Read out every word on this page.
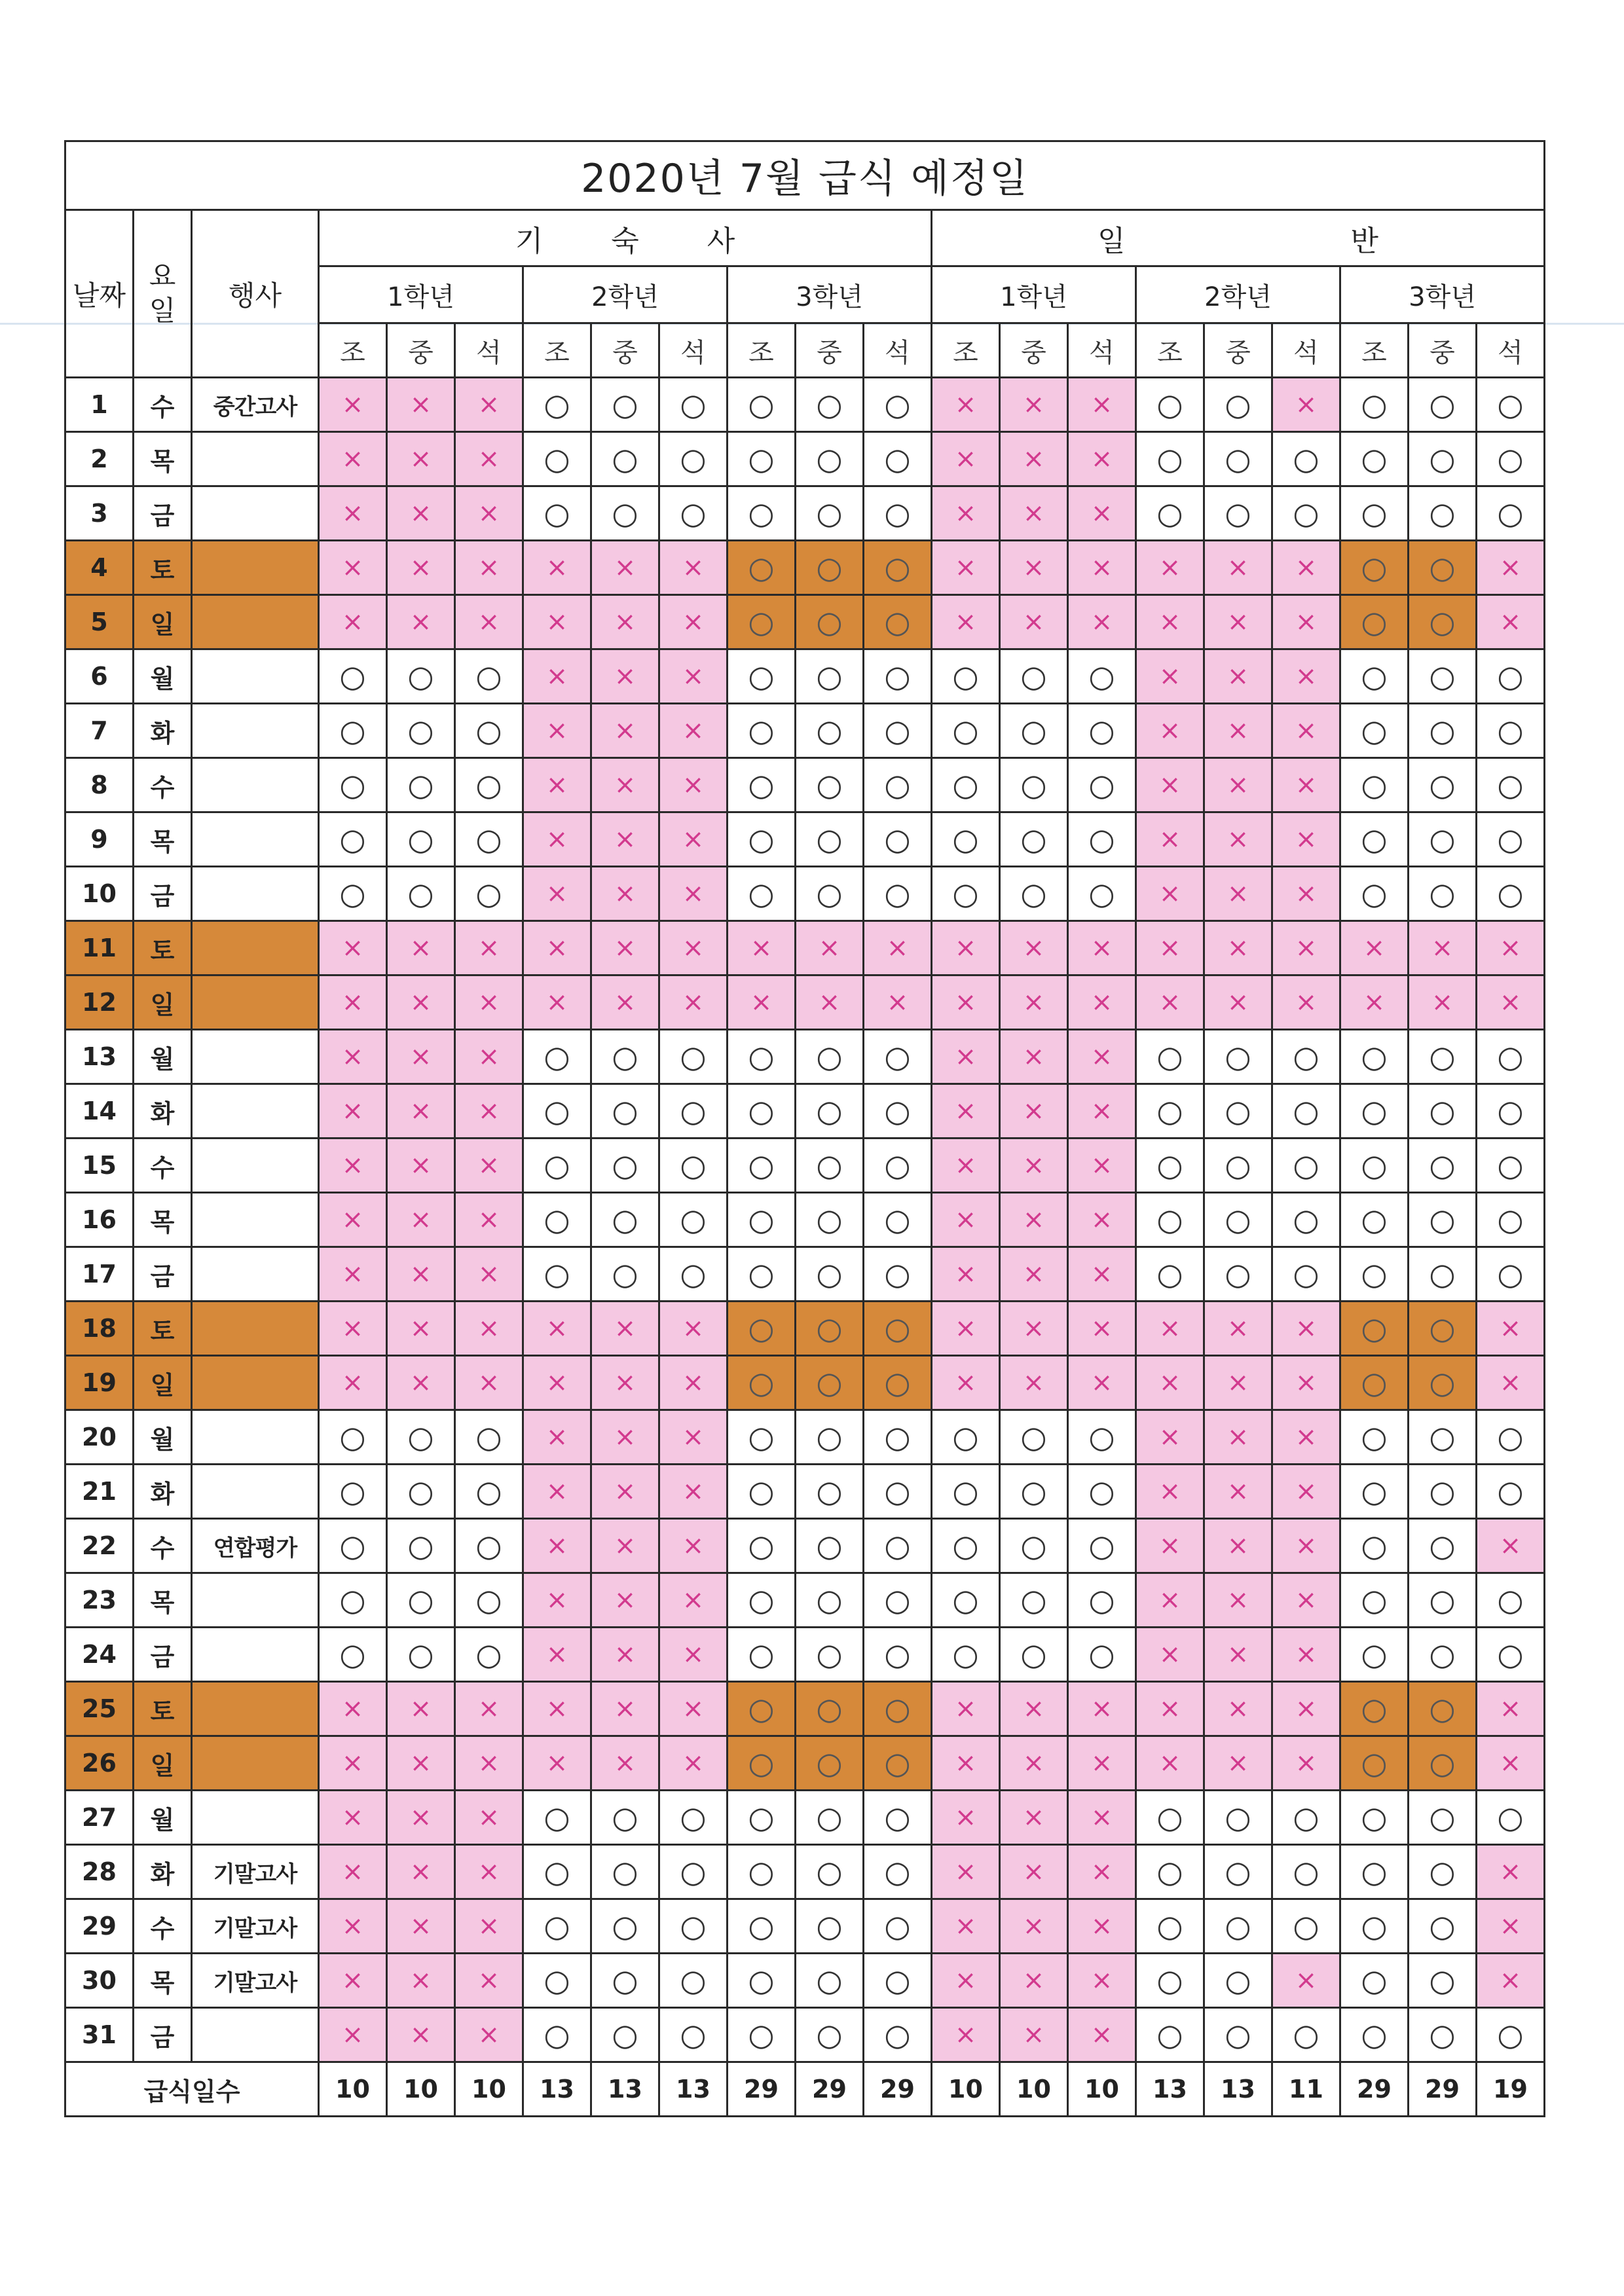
2020년 7월 급식 예정일																				
날짜	요일	행사	기 숙 사									일 반								
			1학년			2학년			3학년			1학년			2학년			3학년		
			조	중	석	조	중	석	조	중	석	조	중	석	조	중	석	조	중	석
1	수	중간고사	×	×	×	○	○	○	○	○	○	×	×	×	○	○	×	○	○	○
2	목		×	×	×	○	○	○	○	○	○	×	×	×	○	○	○	○	○	○
3	금		×	×	×	○	○	○	○	○	○	×	×	×	○	○	○	○	○	○
4	토		×	×	×	×	×	×	○	○	○	×	×	×	×	×	×	○	○	×
5	일		×	×	×	×	×	×	○	○	○	×	×	×	×	×	×	○	○	×
6	월		○	○	○	×	×	×	○	○	○	○	○	○	×	×	×	○	○	○
7	화		○	○	○	×	×	×	○	○	○	○	○	○	×	×	×	○	○	○
8	수		○	○	○	×	×	×	○	○	○	○	○	○	×	×	×	○	○	○
9	목		○	○	○	×	×	×	○	○	○	○	○	○	×	×	×	○	○	○
10	금		○	○	○	×	×	×	○	○	○	○	○	○	×	×	×	○	○	○
11	토		×	×	×	×	×	×	×	×	×	×	×	×	×	×	×	×	×	×
12	일		×	×	×	×	×	×	×	×	×	×	×	×	×	×	×	×	×	×
13	월		×	×	×	○	○	○	○	○	○	×	×	×	○	○	○	○	○	○
14	화		×	×	×	○	○	○	○	○	○	×	×	×	○	○	○	○	○	○
15	수		×	×	×	○	○	○	○	○	○	×	×	×	○	○	○	○	○	○
16	목		×	×	×	○	○	○	○	○	○	×	×	×	○	○	○	○	○	○
17	금		×	×	×	○	○	○	○	○	○	×	×	×	○	○	○	○	○	○
18	토		×	×	×	×	×	×	○	○	○	×	×	×	×	×	×	○	○	×
19	일		×	×	×	×	×	×	○	○	○	×	×	×	×	×	×	○	○	×
20	월		○	○	○	×	×	×	○	○	○	○	○	○	×	×	×	○	○	○
21	화		○	○	○	×	×	×	○	○	○	○	○	○	×	×	×	○	○	○
22	수	연합평가	○	○	○	×	×	×	○	○	○	○	○	○	×	×	×	○	○	×
23	목		○	○	○	×	×	×	○	○	○	○	○	○	×	×	×	○	○	○
24	금		○	○	○	×	×	×	○	○	○	○	○	○	×	×	×	○	○	○
25	토		×	×	×	×	×	×	○	○	○	×	×	×	×	×	×	○	○	×
26	일		×	×	×	×	×	×	○	○	○	×	×	×	×	×	×	○	○	×
27	월		×	×	×	○	○	○	○	○	○	×	×	×	○	○	○	○	○	○
28	화	기말고사	×	×	×	○	○	○	○	○	○	×	×	×	○	○	○	○	○	×
29	수	기말고사	×	×	×	○	○	○	○	○	○	×	×	×	○	○	○	○	○	×
30	목	기말고사	×	×	×	○	○	○	○	○	○	×	×	×	○	○	×	○	○	×
31	금		×	×	×	○	○	○	○	○	○	×	×	×	○	○	○	○	○	○
급식일수			10	10	10	13	13	13	29	29	29	10	10	10	13	13	11	29	29	19
